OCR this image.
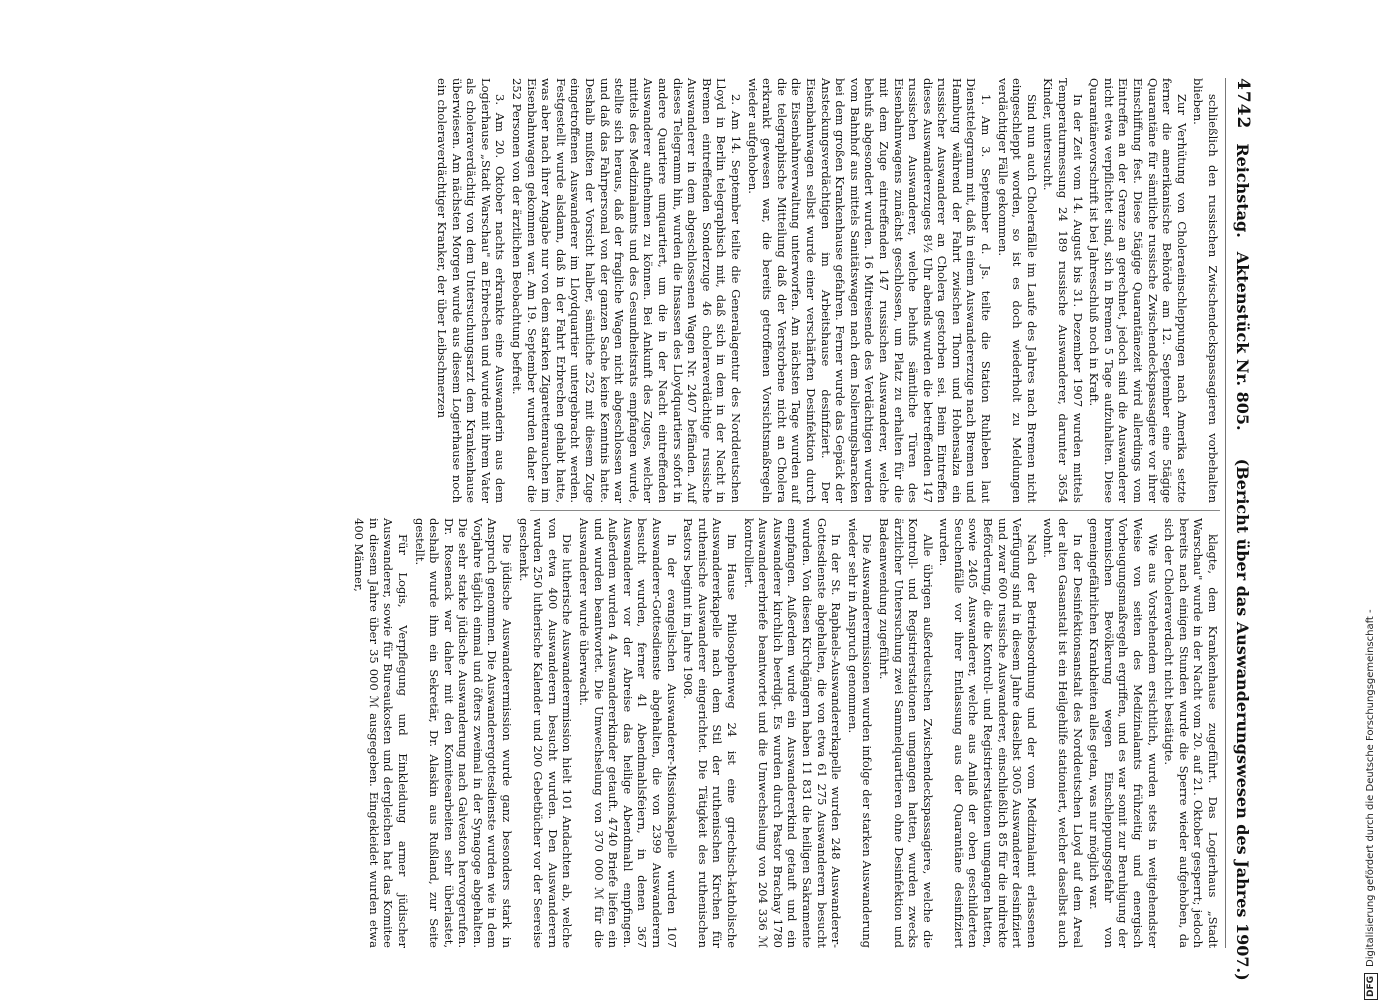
4742
Reichstag.
Aktenstück Nr. 805.
(Bericht über das Auswanderungswesen des Jahres 1907.)

schließlich den russischen Zwischendeckspassagieren vorbehalten blieben.

Zur Verhütung von Choleraeinschleppungen nach Amerika setzte ferner die amerikanische Behörde am 12. September eine 5tägige Quarantäne für sämtliche russische Zwischendeckspassagiere vor ihrer Einschiffung fest. Diese 5tägige Quarantänezeit wird allerdings vom Eintreffen an der Grenze an gerechnet, jedoch sind die Auswanderer nicht etwa verpflichtet sind, sich in Bremen 5 Tage aufzuhalten. Diese Quarantänevorschrift ist bei Jahresschluß noch in Kraft.

In der Zeit vom 14. August bis 31. Dezember 1907 wurden mittels Temperaturmessung 24 189 russische Auswanderer, darunter 3654 Kinder, untersucht.

Sind nun auch Cholerafälle im Laufe des Jahres nach Bremen nicht eingeschleppt worden, so ist es doch wiederholt zu Meldungen verdächtiger Fälle gekommen.

1. Am 3. September d. Js. teilte die Station Ruhleben laut Diensttelegramm mit, daß in einem Auswandererzuge nach Bremen und Hamburg während der Fahrt zwischen Thorn und Hohensalza ein russischer Auswanderer an Cholera gestorben sei. Beim Eintreffen dieses Auswandererzuges 8½ Uhr abends wurden die betreffenden 147 russischen Auswanderer, welche behufs sämtliche Türen des Eisenbahnwagens zunächst geschlossen, um Platz zu erhalten für die mit dem Zuge eintreffenden 147 russischen Auswanderer, welche behufs abgesondert wurden. 16 Mitreisende des Verdächtigen wurden vom Bahnhof aus mittels Sanitätswagen nach dem Isolierungsbaracken bei dem großen Krankenhause gefahren. Ferner wurde das Gepäck der Ansteckungsverdächtigen im Arbeitshause desinfiziert. Der Eisenbahnwagen selbst wurde einer verschärften Desinfektion durch die Eisenbahnverwaltung unterworfen. Am nächsten Tage wurden auf die telegraphische Mitteilung daß der Verstorbene nicht an Cholera erkrankt gewesen war, die bereits getroffenen Vorsichtsmaßregeln wieder aufgehoben.

2. Am 14. September teilte die Generalagentur des Norddeutschen Lloyd in Berlin telegraphisch mit, daß sich in dem in der Nacht in Bremen eintreffenden Sonderzuge 46 choleraverdächtige russische Auswanderer in dem abgeschlossenen Wagen Nr. 2407 befänden. Auf dieses Telegramm hin, wurden die Insassen des Lloydquartiers sofort in andere Quartiere umquartiert, um die in der Nacht eintreffenden Auswanderer aufnehmen zu können. Bei Ankunft des Zuges, welcher mittels des Medizinalamts und des Gesundheitsrats empfangen wurde, stellte sich heraus, daß der fragliche Wagen nicht abgeschlossen war und daß das Fahrpersonal von der ganzen Sache keine Kenntnis hatte. Deshalb mußten der Vorsicht halber, sämtliche 252 mit diesem Zuge eingetroffenen Auswanderer im Lloydquartier untergebracht werden. Festgestellt wurde alsdann, daß in der Fahrt Erbrechen gehabt hatte, was aber nach ihrer Angabe nur von dem starken Zigarettenrauchen im Eisenbahnwagen gekommen war. Am 19. September wurden daher die 252 Personen von der ärztlichen Beobachtung befreit.

3. Am 20. Oktober nachts erkrankte eine Auswanderin aus dem Logierhause „Stadt Warschau" an Erbrechen und wurde mit ihrem Vater als choleraverdächtig von dem Untersuchungsarzt dem Krankenhause überwiesen. Am nächsten Morgen wurde aus diesem Logierhause noch ein choleraverdächtiger Kranker, der über Leibschmerzen

klagte, dem Krankenhause zugeführt. Das Logierhaus „Stadt Warschau" wurde in der Nacht vom 20. auf 21. Oktober gesperrt; jedoch bereits nach einigen Stunden wurde die Sperre wieder aufgehoben, da sich der Choleraverdacht nicht bestätigte.

Wie aus Vorstehendem ersichtlich, wurden stets in weitgehendster Weise von seiten des Medizinalamts frühzeitig und energisch Vorbeugungsmaßregeln ergriffen, und es war somit zur Beruhigung der bremischen Bevölkerung wegen Einschleppungsgefahr von gemeingefährlichen Krankheiten alles getan, was nur möglich war.

In der Desinfektionsanstalt des Norddeutschen Lloyd auf dem Areal der alten Gasanstalt ist ein Heilgehilfe stationiert, welcher daselbst auch wohnt.

Nach der Betriebsordnung und der vom Medizinalamt erlassenen Verfügung sind in diesem Jahre daselbst 3005 Auswanderer desinfiziert und zwar 600 russische Auswanderer, einschließlich 85 für die indirekte Beförderung, die die Kontroll- und Registrierstationen umgangen hatten, sowie 2405 Auswanderer, welche aus Anlaß der oben geschilderten Seuchenfälle vor ihrer Entlassung aus der Quarantäne desinfiziert wurden.

Alle übrigen außerdeutschen Zwischendeckspassagiere, welche die Kontroll- und Registrierstationen umgangen hatten, wurden zwecks ärztlicher Untersuchung zwei Sammelquartieren ohne Desinfektion und Badeanwendung zugeführt.

Die Auswanderermissionen wurden infolge der starken Auswanderung wieder sehr in Anspruch genommen.

In der St. Raphaels-Auswandererkapelle wurden 248 Auswanderer-Gottesdienste abgehalten, die von etwa 61 275 Auswanderern besucht wurden. Von diesen Kirchgängern haben 11 831 die heiligen Sakramente empfangen. Außerdem wurde ein Auswandererkind getauft und ein Auswanderer kirchlich beerdigt. Es wurden durch Pastor Brachay 1780 Auswandererbriefe beantwortet und die Umwechselung von 204 336 ℳ kontrolliert.

Im Hause Philosophenweg 24 ist eine griechisch-katholische Auswandererkapelle nach dem Stil der ruthenischen Kirchen für ruthenische Auswanderer eingerichtet. Die Tätigkeit des ruthenischen Pastors beginnt im Jahre 1908.

In der evangelischen Auswanderer-Missionskapelle wurden 107 Auswanderer-Gottesdienste abgehalten, die von 2399 Auswanderern besucht wurden, ferner 41 Abendmahlsfeiern, in denen 367 Auswanderer vor der Abreise das heilige Abendmahl empfingen. Außerdem wurden 4 Auswandererkinder getauft. 4740 Briefe liefen ein und wurden beantwortet. Die Umwechselung von 370 000 ℳ für die Auswanderer wurde überwacht.

Die lutherische Auswanderermission hielt 101 Andachten ab, welche von etwa 400 Auswanderern besucht wurden. Den Auswanderern wurden 250 lutherische Kalender und 200 Gebetbücher vor der Seereise geschenkt.

Die jüdische Auswanderermission wurde ganz besonders stark in Anspruch genommen. Die Auswanderergottesdienste wurden wie in dem Vorjahre täglich einmal und öfters zweimal in der Synagoge abgehalten. Die sehr starke jüdische Auswanderung nach Galveston hervorgerufen. Dr. Rosenack war daher mit den Komiteearbeiten sehr überlastet, deshalb wurde ihm ein Sekretär, Dr. Alaskin aus Rußland, zur Seite gestellt.

Für Logis, Verpflegung und Einkleidung armer jüdischer Auswanderer, sowie für Bureaukosten und dergleichen hat das Komitee in diesem Jahre über 35 000 ℳ ausgegeben. Eingekleidet wurden etwa 400 Männer,

DFG
Digitalisierung gefördert durch die Deutsche Forschungsgemeinschaft -
